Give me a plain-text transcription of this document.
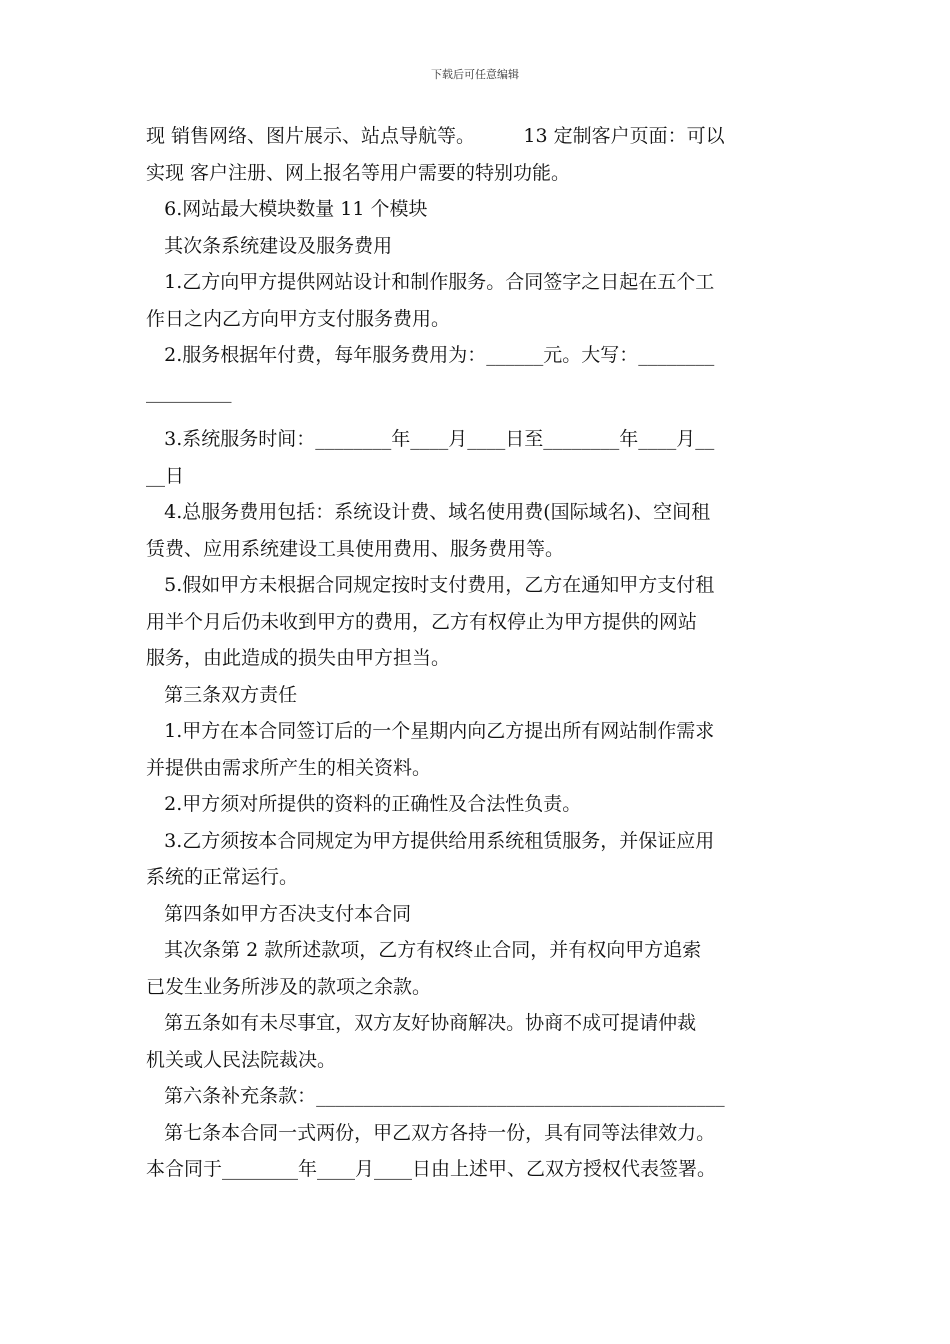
下载后可任意编辑
现 销售网络、图片展示、站点导航等。        13 定制客户页面：可以
实现 客户注册、网上报名等用户需要的特别功能。
6.网站最大模块数量 11 个模块
其次条系统建设及服务费用
1.乙方向甲方提供网站设计和制作服务。合同签字之日起在五个工
作日之内乙方向甲方支付服务费用。
2.服务根据年付费，每年服务费用为：______元。大写：________
_________
3.系统服务时间：________年____月____日至________年____月__
__日
4.总服务费用包括：系统设计费、域名使用费(国际域名)、空间租
赁费、应用系统建设工具使用费用、服务费用等。
5.假如甲方未根据合同规定按时支付费用，乙方在通知甲方支付租
用半个月后仍未收到甲方的费用，乙方有权停止为甲方提供的网站
服务，由此造成的损失由甲方担当。
第三条双方责任
1.甲方在本合同签订后的一个星期内向乙方提出所有网站制作需求
并提供由需求所产生的相关资料。
2.甲方须对所提供的资料的正确性及合法性负责。
3.乙方须按本合同规定为甲方提供给用系统租赁服务，并保证应用
系统的正常运行。
第四条如甲方否决支付本合同
其次条第 2 款所述款项，乙方有权终止合同，并有权向甲方追索
已发生业务所涉及的款项之余款。
第五条如有未尽事宜，双方友好协商解决。协商不成可提请仲裁
机关或人民法院裁决。
第六条补充条款：___________________________________________
第七条本合同一式两份，甲乙双方各持一份，具有同等法律效力。
本合同于________年____月____日由上述甲、乙双方授权代表签署。
